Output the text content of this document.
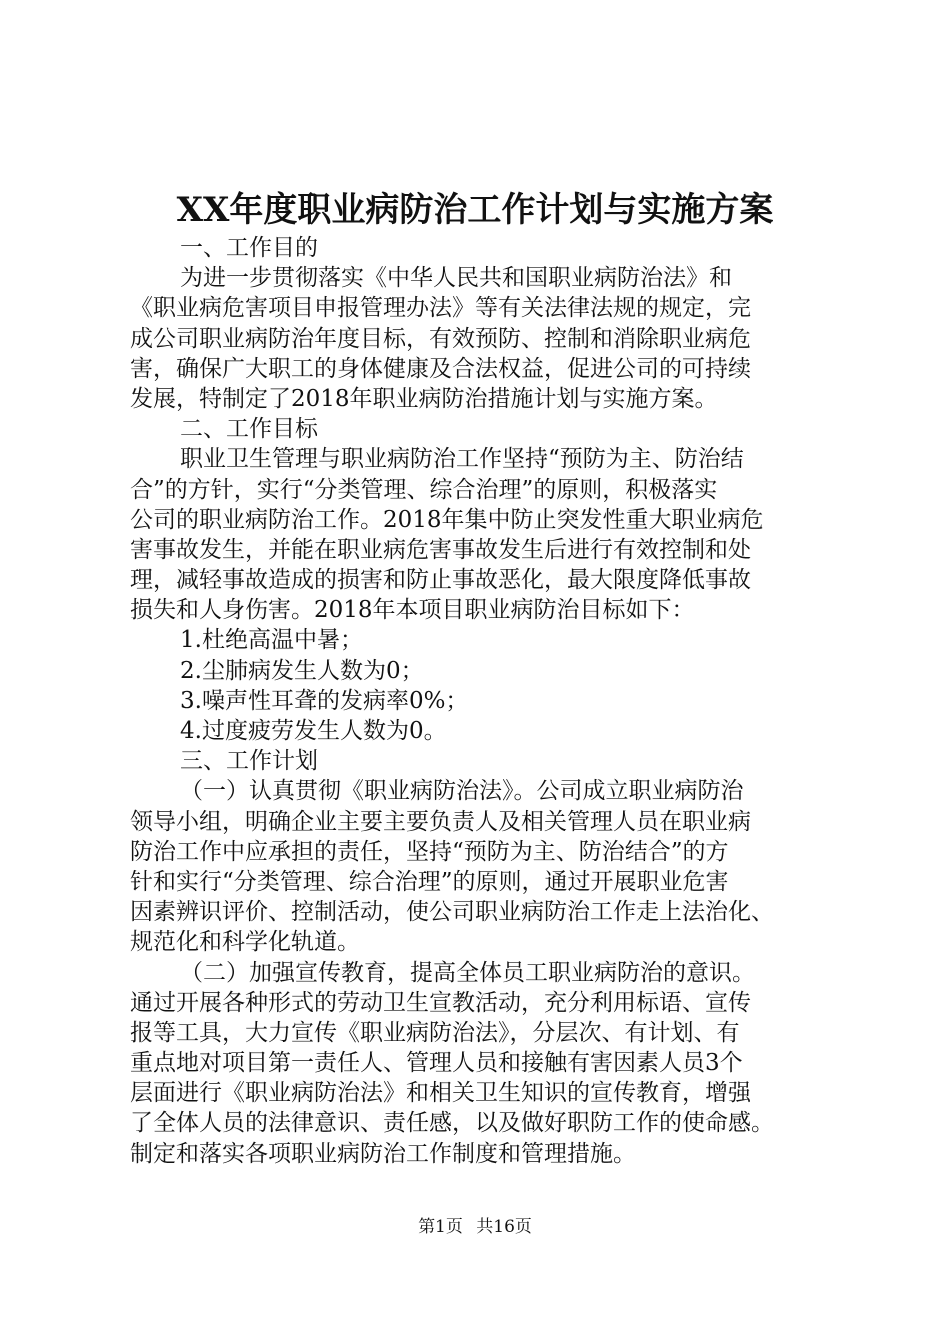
XX年度职业病防治工作计划与实施方案
一、工作目的
为进一步贯彻落实《中华人民共和国职业病防治法》和
《职业病危害项目申报管理办法》等有关法律法规的规定，完
成公司职业病防治年度目标，有效预防、控制和消除职业病危
害，确保广大职工的身体健康及合法权益，促进公司的可持续
发展，特制定了2018年职业病防治措施计划与实施方案。
二、工作目标
职业卫生管理与职业病防治工作坚持“预防为主、防治结
合”的方针，实行“分类管理、综合治理”的原则，积极落实
公司的职业病防治工作。2018年集中防止突发性重大职业病危
害事故发生，并能在职业病危害事故发生后进行有效控制和处
理，减轻事故造成的损害和防止事故恶化，最大限度降低事故
损失和人身伤害。2018年本项目职业病防治目标如下：
1.杜绝高温中暑；
2.尘肺病发生人数为0；
3.噪声性耳聋的发病率0%；
4.过度疲劳发生人数为0。
三、工作计划
（一）认真贯彻《职业病防治法》。公司成立职业病防治
领导小组，明确企业主要主要负责人及相关管理人员在职业病
防治工作中应承担的责任，坚持“预防为主、防治结合”的方
针和实行“分类管理、综合治理”的原则，通过开展职业危害
因素辨识评价、控制活动，使公司职业病防治工作走上法治化、
规范化和科学化轨道。
（二）加强宣传教育，提高全体员工职业病防治的意识。
通过开展各种形式的劳动卫生宣教活动，充分利用标语、宣传
报等工具，大力宣传《职业病防治法》，分层次、有计划、有
重点地对项目第一责任人、管理人员和接触有害因素人员3个
层面进行《职业病防治法》和相关卫生知识的宣传教育，增强
了全体人员的法律意识、责任感，以及做好职防工作的使命感。
制定和落实各项职业病防治工作制度和管理措施。
第1页 共16页
